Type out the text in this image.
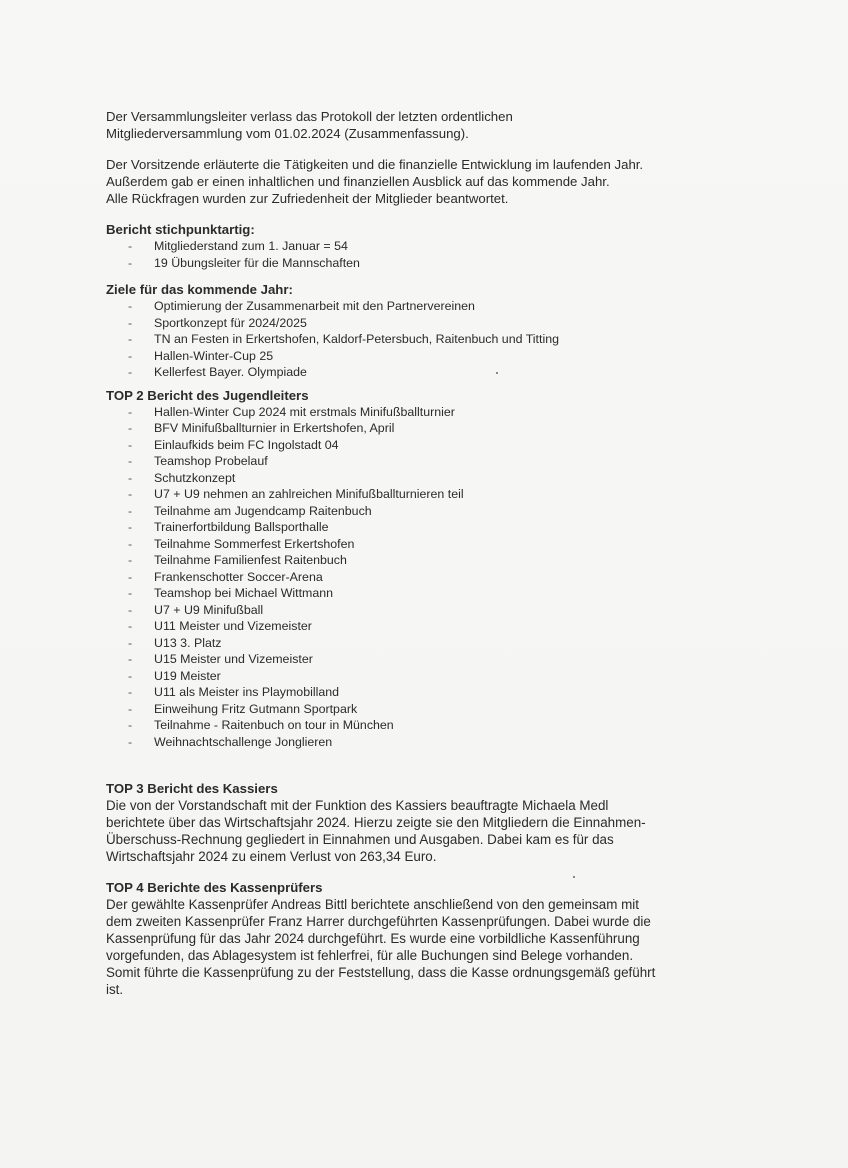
Der Versammlungsleiter verlass das Protokoll der letzten ordentlichen

Mitgliederversammlung vom 01.02.2024 (Zusammenfassung).

Der Vorsitzende erläuterte die Tätigkeiten und die finanzielle Entwicklung im laufenden Jahr.

Außerdem gab er einen inhaltlichen und finanziellen Ausblick auf das kommende Jahr.

Alle Rückfragen wurden zur Zufriedenheit der Mitglieder beantwortet.

Bericht stichpunktartig:

- Mitgliederstand zum 1. Januar = 54
- 19 Übungsleiter für die Mannschaften

Ziele für das kommende Jahr:

- Optimierung der Zusammenarbeit mit den Partnervereinen
- Sportkonzept für 2024/2025
- TN an Festen in Erkertshofen, Kaldorf-Petersbuch, Raitenbuch und Titting
- Hallen-Winter-Cup 25
- Kellerfest Bayer. Olympiade

TOP 2 Bericht des Jugendleiters

- Hallen-Winter Cup 2024 mit erstmals Minifußballturnier
- BFV Minifußballturnier in Erkertshofen, April
- Einlaufkids beim FC Ingolstadt 04
- Teamshop Probelauf
- Schutzkonzept
- U7 + U9 nehmen an zahlreichen Minifußballturnieren teil
- Teilnahme am Jugendcamp Raitenbuch
- Trainerfortbildung Ballsporthalle
- Teilnahme Sommerfest Erkertshofen
- Teilnahme Familienfest Raitenbuch
- Frankenschotter Soccer-Arena
- Teamshop bei Michael Wittmann
- U7 + U9 Minifußball
- U11 Meister und Vizemeister
- U13 3. Platz
- U15 Meister und Vizemeister
- U19 Meister
- U11 als Meister ins Playmobilland
- Einweihung Fritz Gutmann Sportpark
- Teilnahme - Raitenbuch on tour in München
- Weihnachtschallenge Jonglieren

TOP 3 Bericht des Kassiers

Die von der Vorstandschaft mit der Funktion des Kassiers beauftragte Michaela Medl

berichtete über das Wirtschaftsjahr 2024. Hierzu zeigte sie den Mitgliedern die Einnahmen-

Überschuss-Rechnung gegliedert in Einnahmen und Ausgaben. Dabei kam es für das

Wirtschaftsjahr 2024 zu einem Verlust von 263,34 Euro.

TOP 4 Berichte des Kassenprüfers

Der gewählte Kassenprüfer Andreas Bittl berichtete anschließend von den gemeinsam mit

dem zweiten Kassenprüfer Franz Harrer durchgeführten Kassenprüfungen. Dabei wurde die

Kassenprüfung für das Jahr 2024 durchgeführt. Es wurde eine vorbildliche Kassenführung

vorgefunden, das Ablagesystem ist fehlerfrei, für alle Buchungen sind Belege vorhanden.

Somit führte die Kassenprüfung zu der Feststellung, dass die Kasse ordnungsgemäß geführt

ist.
